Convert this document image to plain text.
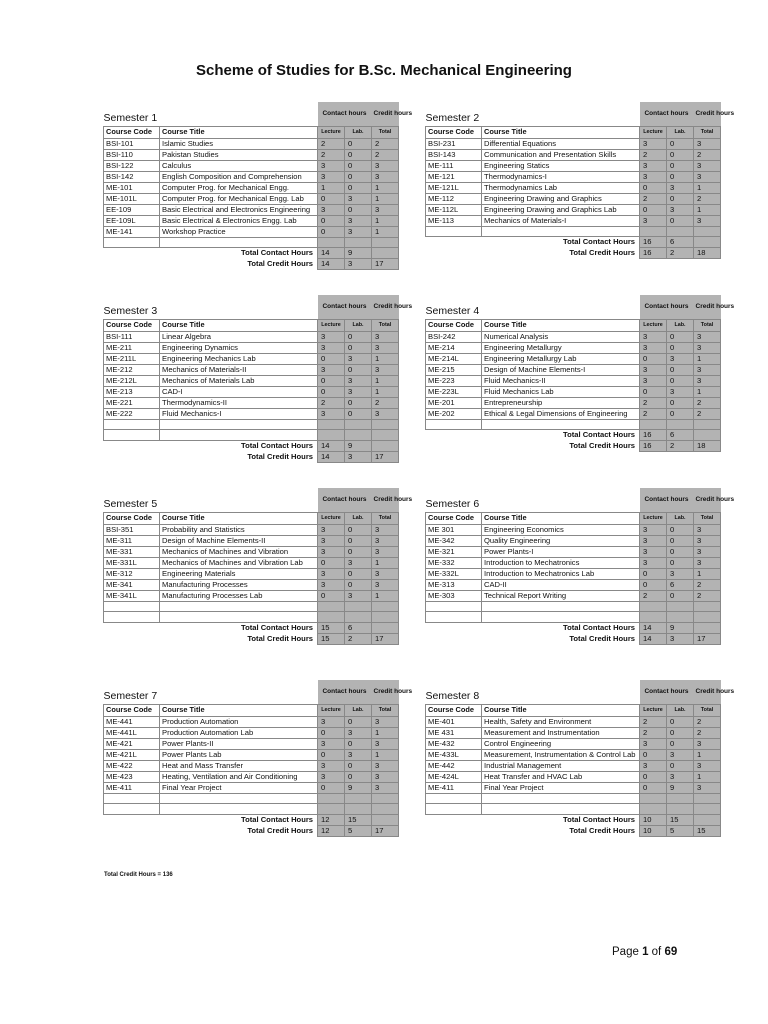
Scheme of Studies for B.Sc. Mechanical Engineering
Semester 1		Contact hours		Credit hours
Course Code	Course Title	Lecture	Lab.	Total
BSI-101	Islamic Studies	2	0	2
BSI-110	Pakistan Studies	2	0	2
BSI-122	Calculus	3	0	3
BSI-142	English Composition and Comprehension	3	0	3
ME-101	Computer Prog. for Mechanical Engg.	1	0	1
ME-101L	Computer Prog. for Mechanical Engg. Lab	0	3	1
EE-109	Basic Electrical and Electronics Engineering	3	0	3
EE-109L	Basic Electrical & Electronics Engg. Lab	0	3	1
ME-141	Workshop Practice	0	3	1

Total Contact Hours		14	9	
Total Credit Hours		14	3	17
Semester 2		Contact hours		Credit hours
Course Code	Course Title	Lecture	Lab.	Total
BSI-231	Differential Equations	3	0	3
BSI-143	Communication and Presentation Skills	2	0	2
ME-111	Engineering Statics	3	0	3
ME-121	Thermodynamics-I	3	0	3
ME-121L	Thermodynamics Lab	0	3	1
ME-112	Engineering Drawing and Graphics	2	0	2
ME-112L	Engineering Drawing and Graphics Lab	0	3	1
ME-113	Mechanics of Materials-I	3	0	3

Total Contact Hours		16	6	
Total Credit Hours		16	2	18
Semester 3		Contact hours		Credit hours
Course Code	Course Title	Lecture	Lab.	Total
BSI-111	Linear Algebra	3	0	3
ME-211	Engineering Dynamics	3	0	3
ME-211L	Engineering Mechanics Lab	0	3	1
ME-212	Mechanics of Materials-II	3	0	3
ME-212L	Mechanics of Materials Lab	0	3	1
ME-213	CAD-I	0	3	1
ME-221	Thermodynamics-II	2	0	2
ME-222	Fluid Mechanics-I	3	0	3

Total Contact Hours		14	9	
Total Credit Hours		14	3	17
Semester 4		Contact hours		Credit hours
Course Code	Course Title	Lecture	Lab.	Total
BSI-242	Numerical Analysis	3	0	3
ME-214	Engineering Metallurgy	3	0	3
ME-214L	Engineering Metallurgy Lab	0	3	1
ME-215	Design of Machine Elements-I	3	0	3
ME-223	Fluid Mechanics-II	3	0	3
ME-223L	Fluid Mechanics Lab	0	3	1
ME-201	Entrepreneurship	2	0	2
ME-202	Ethical & Legal Dimensions of Engineering	2	0	2

Total Contact Hours		16	6	
Total Credit Hours		16	2	18
Semester 5		Contact hours		Credit hours
Course Code	Course Title	Lecture	Lab.	Total
BSI-351	Probability and Statistics	3	0	3
ME-311	Design of Machine Elements-II	3	0	3
ME-331	Mechanics of Machines and Vibration	3	0	3
ME-331L	Mechanics of Machines and Vibration Lab	0	3	1
ME-312	Engineering Materials	3	0	3
ME-341	Manufacturing Processes	3	0	3
ME-341L	Manufacturing Processes Lab	0	3	1

Total Contact Hours		15	6	
Total Credit Hours		15	2	17
Semester 6		Contact hours		Credit hours
Course Code	Course Title	Lecture	Lab.	Total
ME 301	Engineering Economics	3	0	3
ME-342	Quality Engineering	3	0	3
ME-321	Power Plants-I	3	0	3
ME-332	Introduction to Mechatronics	3	0	3
ME-332L	Introduction to Mechatronics Lab	0	3	1
ME-313	CAD-II	0	6	2
ME-303	Technical Report Writing	2	0	2

Total Contact Hours		14	9	
Total Credit Hours		14	3	17
Semester 7		Contact hours		Credit hours
Course Code	Course Title	Lecture	Lab.	Total
ME-441	Production Automation	3	0	3
ME-441L	Production Automation Lab	0	3	1
ME-421	Power Plants-II	3	0	3
ME-421L	Power Plants Lab	0	3	1
ME-422	Heat and Mass Transfer	3	0	3
ME-423	Heating, Ventilation and Air Conditioning	3	0	3
ME-411	Final Year Project	0	9	3

Total Contact Hours		12	15	
Total Credit Hours		12	5	17
Semester 8		Contact hours		Credit hours
Course Code	Course Title	Lecture	Lab.	Total
ME-401	Health, Safety and Environment	2	0	2
ME 431	Measurement and Instrumentation	2	0	2
ME-432	Control Engineering	3	0	3
ME-433L	Measurement, Instrumentation & Control Lab	0	3	1
ME-442	Industrial Management	3	0	3
ME-424L	Heat Transfer and HVAC Lab	0	3	1
ME-411	Final Year Project	0	9	3

Total Contact Hours		10	15	
Total Credit Hours		10	5	15
Total Credit Hours = 136
Page 1 of 69
